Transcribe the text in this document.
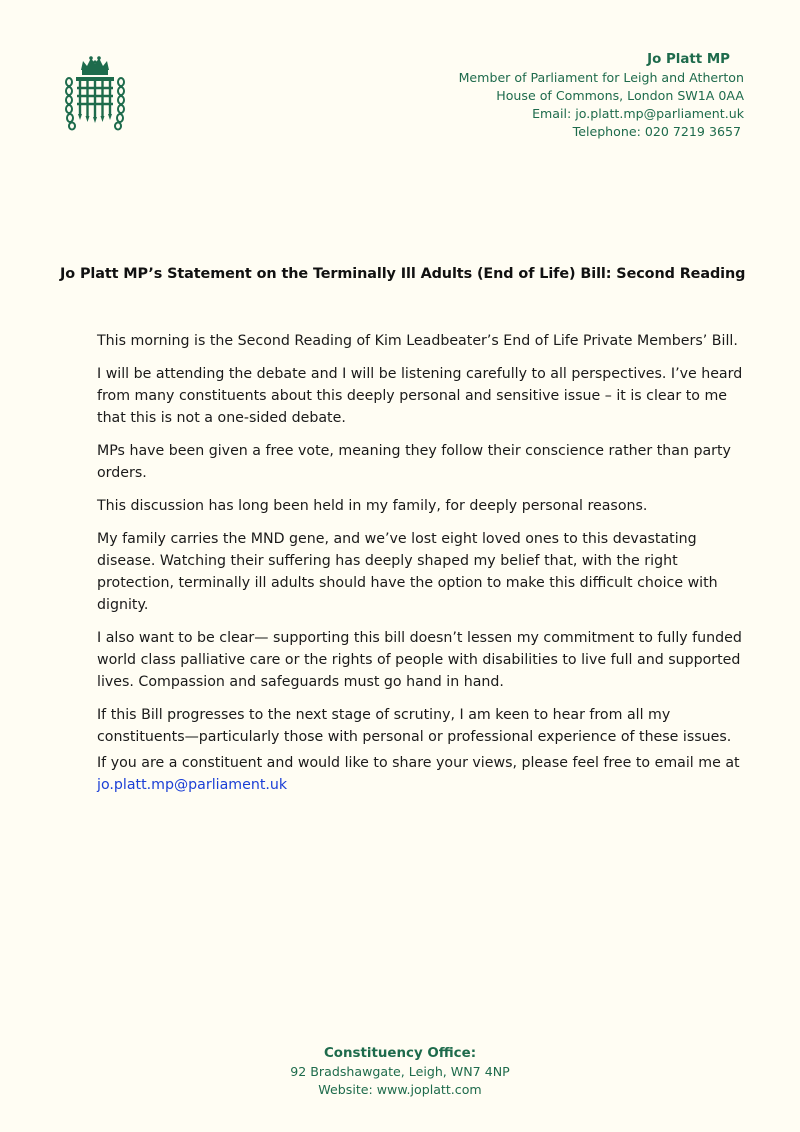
Jo Platt MP
Member of Parliament for Leigh and Atherton
House of Commons, London SW1A 0AA
Email: jo.platt.mp@parliament.uk
Telephone: 020 7219 3657
Jo Platt MP’s Statement on the Terminally Ill Adults (End of Life) Bill: Second Reading

This morning is the Second Reading of Kim Leadbeater’s End of Life Private Members’ Bill.

I will be attending the debate and I will be listening carefully to all perspectives. I’ve heard from many constituents about this deeply personal and sensitive issue – it is clear to me that this is not a one-sided debate.

MPs have been given a free vote, meaning they follow their conscience rather than party orders.

This discussion has long been held in my family, for deeply personal reasons.

My family carries the MND gene, and we’ve lost eight loved ones to this devastating disease. Watching their suffering has deeply shaped my belief that, with the right protection, terminally ill adults should have the option to make this difficult choice with dignity.

I also want to be clear— supporting this bill doesn’t lessen my commitment to fully funded world class palliative care or the rights of people with disabilities to live full and supported lives. Compassion and safeguards must go hand in hand.

If this Bill progresses to the next stage of scrutiny, I am keen to hear from all my constituents—particularly those with personal or professional experience of these issues.

If you are a constituent and would like to share your views, please feel free to email me at
jo.platt.mp@parliament.uk

Constituency Office:
92 Bradshawgate, Leigh, WN7 4NP
Website: www.joplatt.com
